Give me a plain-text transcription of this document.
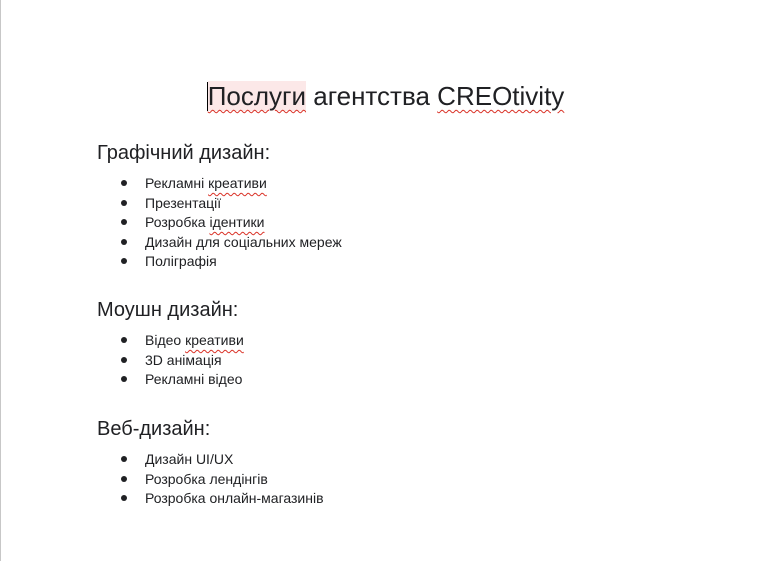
Послуги агентства CREOtivity
Графічний дизайн:
Рекламні креативи
Презентації
Розробка ідентики
Дизайн для соціальних мереж
Поліграфія
Моушн дизайн:
Відео креативи
3D анімація
Рекламні відео
Веб-дизайн:
Дизайн UI/UX
Розробка лендінгів
Розробка онлайн-магазинів
